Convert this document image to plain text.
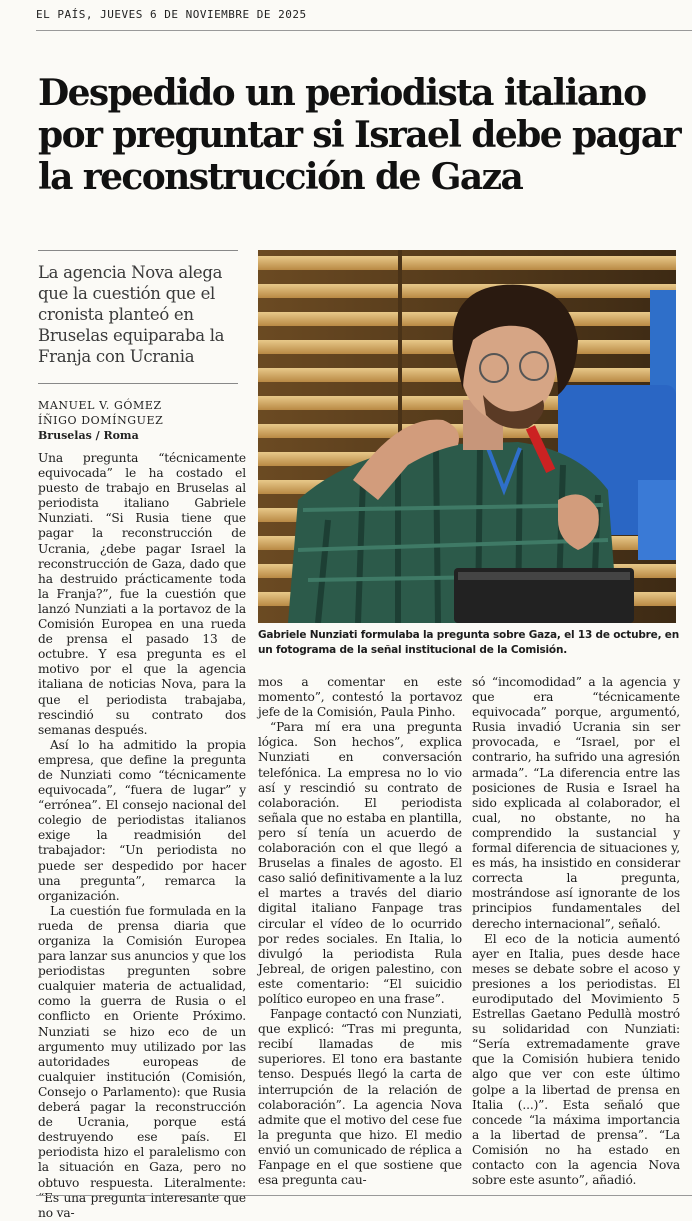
EL PAÍS, JUEVES 6 DE NOVIEMBRE DE 2025
Despedido un periodista italiano por preguntar si Israel debe pagar la reconstrucción de Gaza
La agencia Nova alega que la cuestión que el cronista planteó en Bruselas equiparaba la Franja con Ucrania
MANUEL V. GÓMEZ
ÍÑIGO DOMÍNGUEZ
Bruselas / Roma
Gabriele Nunziati formulaba la pregunta sobre Gaza, el 13 de octubre, en un fotograma de la señal institucional de la Comisión.

Una pregunta “técnicamente equivocada” le ha costado el puesto de trabajo en Bruselas al periodista italiano Gabriele Nunziati. “Si Rusia tiene que pagar la reconstrucción de Ucrania, ¿debe pagar Israel la reconstrucción de Gaza, dado que ha destruido prácticamente toda la Franja?”, fue la cuestión que lanzó Nunziati a la portavoz de la Comisión Europea en una rueda de prensa el pasado 13 de octubre. Y esa pregunta es el motivo por el que la agencia italiana de noticias Nova, para la que el periodista trabajaba, rescindió su contrato dos semanas después.

Así lo ha admitido la propia empresa, que define la pregunta de Nunziati como “técnicamente equivocada”, “fuera de lugar” y “errónea”. El consejo nacional del colegio de periodistas italianos exige la readmisión del trabajador: “Un periodista no puede ser despedido por hacer una pregunta”, remarca la organización.

La cuestión fue formulada en la rueda de prensa diaria que organiza la Comisión Europea para lanzar sus anuncios y que los periodistas pregunten sobre cualquier materia de actualidad, como la guerra de Rusia o el conflicto en Oriente Próximo. Nunziati se hizo eco de un argumento muy utilizado por las autoridades europeas de cualquier institución (Comisión, Consejo o Parlamento): que Rusia deberá pagar la reconstrucción de Ucrania, porque está destruyendo ese país. El periodista hizo el paralelismo con la situación en Gaza, pero no obtuvo respuesta. Literalmente: “Es una pregunta interesante que no va-

mos a comentar en este momento”, contestó la portavoz jefe de la Comisión, Paula Pinho.

“Para mí era una pregunta lógica. Son hechos”, explica Nunziati en conversación telefónica. La empresa no lo vio así y rescindió su contrato de colaboración. El periodista señala que no estaba en plantilla, pero sí tenía un acuerdo de colaboración con el que llegó a Bruselas a finales de agosto. El caso salió definitivamente a la luz el martes a través del diario digital italiano Fanpage tras circular el vídeo de lo ocurrido por redes sociales. En Italia, lo divulgó la periodista Rula Jebreal, de origen palestino, con este comentario: “El suicidio político europeo en una frase”.

Fanpage contactó con Nunziati, que explicó: “Tras mi pregunta, recibí llamadas de mis superiores. El tono era bastante tenso. Después llegó la carta de interrupción de la relación de colaboración”. La agencia Nova admite que el motivo del cese fue la pregunta que hizo. El medio envió un comunicado de réplica a Fanpage en el que sostiene que esa pregunta cau-

só “incomodidad” a la agencia y que era “técnicamente equivocada” porque, argumentó, Rusia invadió Ucrania sin ser provocada, e “Israel, por el contrario, ha sufrido una agresión armada”. “La diferencia entre las posiciones de Rusia e Israel ha sido explicada al colaborador, el cual, no obstante, no ha comprendido la sustancial y formal diferencia de situaciones y, es más, ha insistido en considerar correcta la pregunta, mostrándose así ignorante de los principios fundamentales del derecho internacional”, señaló.

El eco de la noticia aumentó ayer en Italia, pues desde hace meses se debate sobre el acoso y presiones a los periodistas. El eurodiputado del Movimiento 5 Estrellas Gaetano Pedullà mostró su solidaridad con Nunziati: “Sería extremadamente grave que la Comisión hubiera tenido algo que ver con este último golpe a la libertad de prensa en Italia (...)”. Esta señaló que concede “la máxima importancia a la libertad de prensa”. “La Comisión no ha estado en contacto con la agencia Nova sobre este asunto”, añadió.
